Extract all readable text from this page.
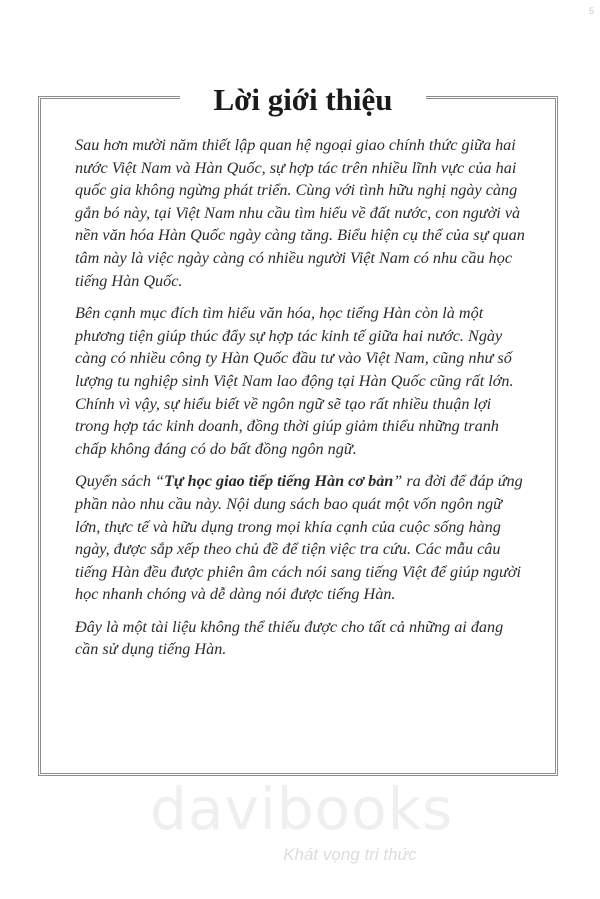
Lời giới thiệu

Sau hơn mười năm thiết lập quan hệ ngoại giao chính thức giữa hai nước Việt Nam và Hàn Quốc, sự hợp tác trên nhiều lĩnh vực của hai quốc gia không ngừng phát triển. Cùng với tình hữu nghị ngày càng gắn bó này, tại Việt Nam nhu cầu tìm hiểu về đất nước, con người và nền văn hóa Hàn Quốc ngày càng tăng. Biểu hiện cụ thể của sự quan tâm này là việc ngày càng có nhiều người Việt Nam có nhu cầu học tiếng Hàn Quốc.

Bên cạnh mục đích tìm hiểu văn hóa, học tiếng Hàn còn là một phương tiện giúp thúc đẩy sự hợp tác kinh tế giữa hai nước. Ngày càng có nhiều công ty Hàn Quốc đầu tư vào Việt Nam, cũng như số lượng tu nghiệp sinh Việt Nam lao động tại Hàn Quốc cũng rất lớn. Chính vì vậy, sự hiểu biết về ngôn ngữ sẽ tạo rất nhiều thuận lợi trong hợp tác kinh doanh, đồng thời giúp giảm thiểu những tranh chấp không đáng có do bất đồng ngôn ngữ.

Quyển sách “Tự học giao tiếp tiếng Hàn cơ bản” ra đời để đáp ứng phần nào nhu cầu này. Nội dung sách bao quát một vốn ngôn ngữ lớn, thực tế và hữu dụng trong mọi khía cạnh của cuộc sống hàng ngày, được sắp xếp theo chủ đề để tiện việc tra cứu. Các mẫu câu tiếng Hàn đều được phiên âm cách nói sang tiếng Việt để giúp người học nhanh chóng và dễ dàng nói được tiếng Hàn.

Đây là một tài liệu không thể thiếu được cho tất cả những ai đang cần sử dụng tiếng Hàn.

davibooks
Khát vọng tri thức
5
